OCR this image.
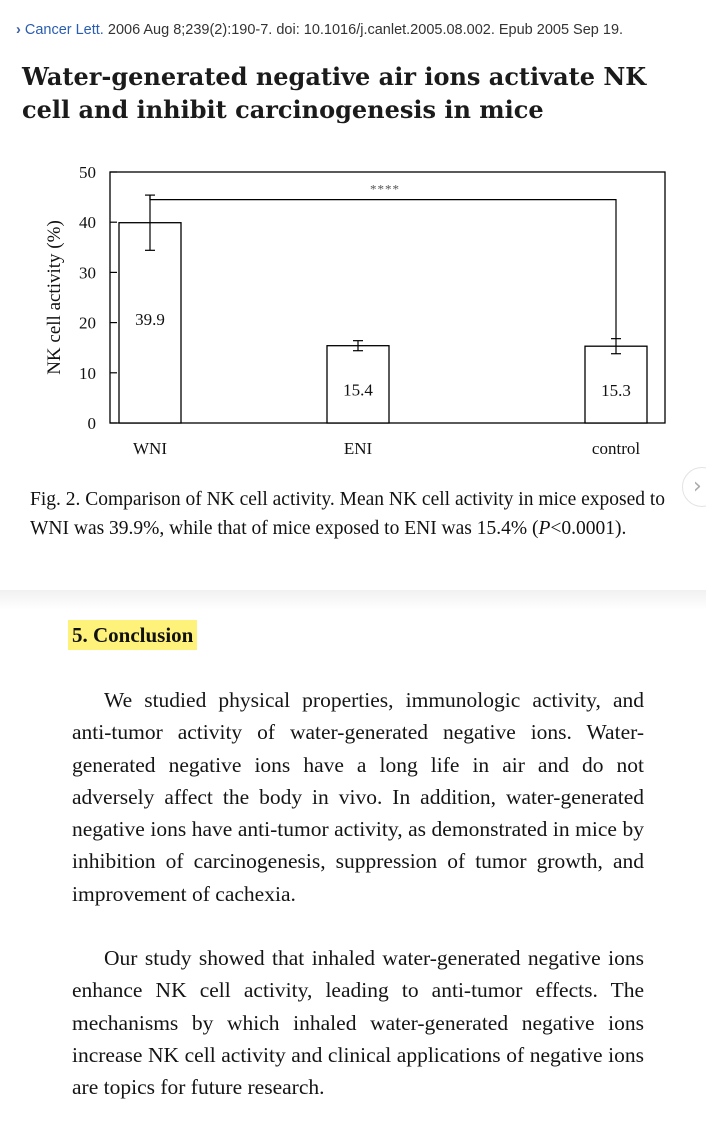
› Cancer Lett. 2006 Aug 8;239(2):190-7. doi: 10.1016/j.canlet.2005.08.002. Epub 2005 Sep 19.
Water-generated negative air ions activate NK cell and inhibit carcinogenesis in mice
0
10
20
30
40
50
NK cell activity (%)	39.9
WNI
15.4
ENI
15.3
control
****

Fig. 2. Comparison of NK cell activity. Mean NK cell activity in mice exposed to WNI was 39.9%, while that of mice exposed to ENI was 15.4% (P<0.0001).

›
5. Conclusion

We studied physical properties, immunologic activity, and anti-tumor activity of water-generated negative ions. Water-generated negative ions have a long life in air and do not adversely affect the body in vivo. In addition, water-generated negative ions have anti-tumor activity, as demonstrated in mice by inhibition of carcinogenesis, suppression of tumor growth, and improvement of cachexia.

Our study showed that inhaled water-generated negative ions enhance NK cell activity, leading to anti-tumor effects. The mechanisms by which inhaled water-generated negative ions increase NK cell activity and clinical applications of negative ions are topics for future research.
